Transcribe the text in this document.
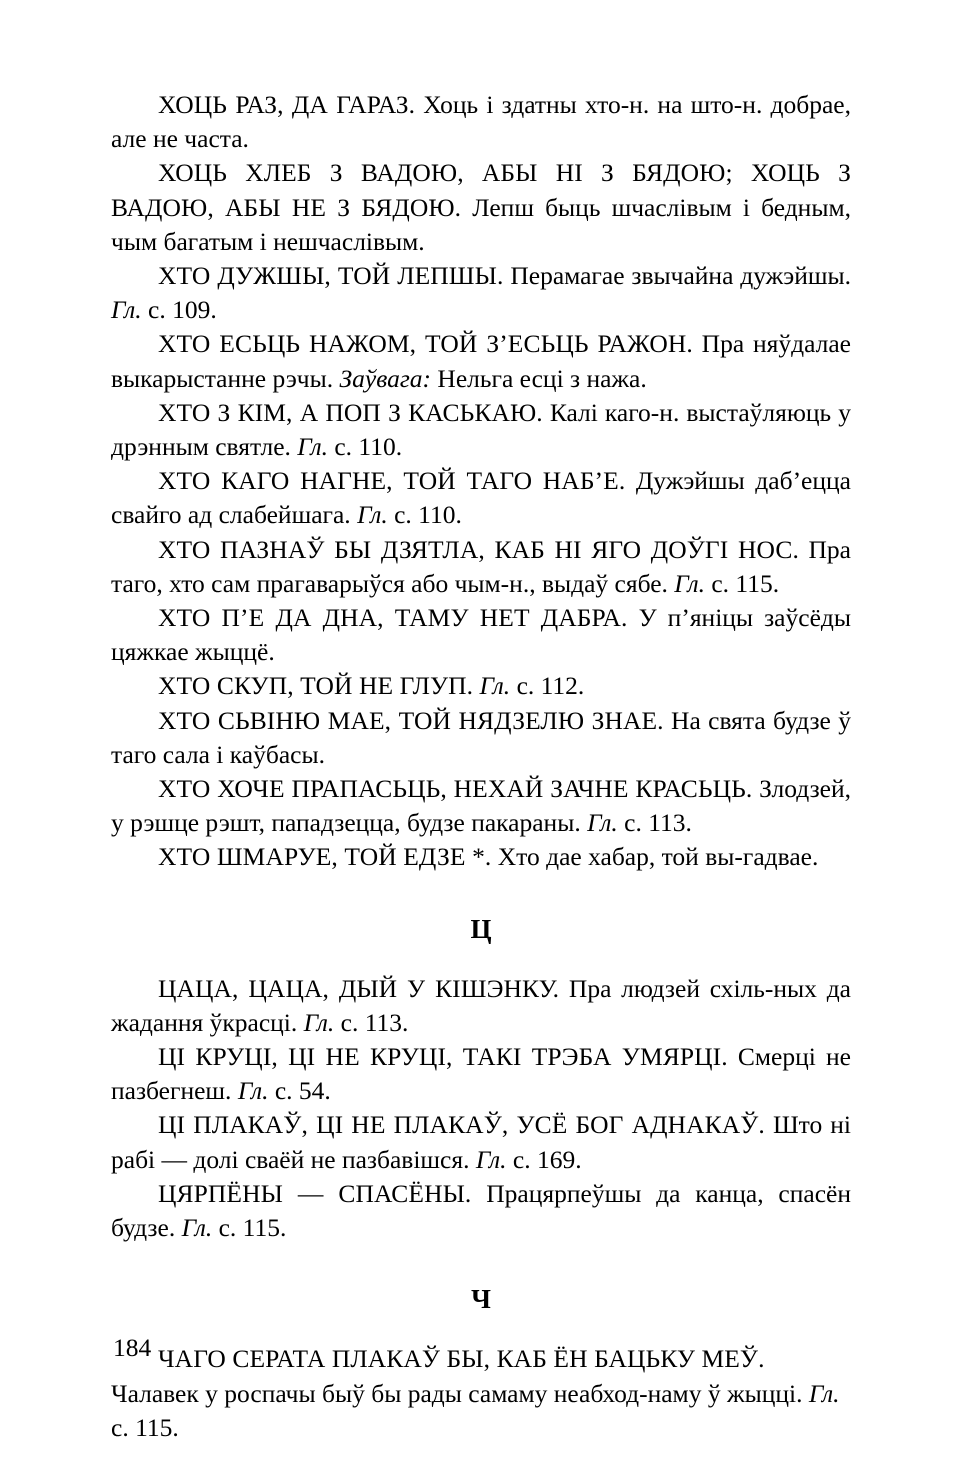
ХОЦЬ РАЗ, ДА ГАРАЗ. Хоць і здатны хто-н. на што-н. добрае, але не часта.

ХОЦЬ ХЛЕБ З ВАДОЮ, АБЫ НІ З БЯДОЮ; ХОЦЬ З ВАДОЮ, АБЫ НЕ З БЯДОЮ. Лепш быць шчаслівым і бедным, чым багатым і нешчаслівым.

ХТО ДУЖШЫ, ТОЙ ЛЕПШЫ. Перамагае звычайна дужэйшы. Гл. с. 109.

ХТО ЕСЬЦЬ НАЖОМ, ТОЙ З’ЕСЬЦЬ РАЖОН. Пра няўдалае выкарыстанне рэчы. Заўвага: Нельга есці з нажа.

ХТО З КІМ, А ПОП З КАСЬКАЮ. Калі каго-н. выстаўляюць у дрэнным святле. Гл. с. 110.

ХТО КАГО НАГНЕ, ТОЙ ТАГО НАБ’Е. Дужэйшы даб’ецца свайго ад слабейшага. Гл. с. 110.

ХТО ПАЗНАЎ БЫ ДЗЯТЛА, КАБ НІ ЯГО ДОЎГІ НОС. Пра таго, хто сам прагаварыўся або чым-н., выдаў сябе. Гл. с. 115.

ХТО П’Е ДА ДНА, ТАМУ НЕТ ДАБРА. У п’яніцы заўсёды цяжкае жыццё.

ХТО СКУП, ТОЙ НЕ ГЛУП. Гл. с. 112.

ХТО СЬВІНЮ МАЕ, ТОЙ НЯДЗЕЛЮ ЗНАЕ. На свята будзе ў таго сала і каўбасы.

ХТО ХОЧЕ ПРАПАСЬЦЬ, НЕХАЙ ЗАЧНЕ КРАСЬЦЬ. Злодзей, у рэшце рэшт, пападзецца, будзе пакараны. Гл. с. 113.

ХТО ШМАРУЕ, ТОЙ ЕДЗЕ *. Хто дае хабар, той вы-гадвае.

Ц

ЦАЦА, ЦАЦА, ДЫЙ У КІШЭНКУ. Пра людзей схіль-ных да жадання ўкрасці. Гл. с. 113.

ЦІ КРУЦІ, ЦІ НЕ КРУЦІ, ТАКІ ТРЭБА УМЯРЦІ. Смерці не пазбегнеш. Гл. с. 54.

ЦІ ПЛАКАЎ, ЦІ НЕ ПЛАКАЎ, УСЁ БОГ АДНАКАЎ. Што ні рабі — долі сваёй не пазбавішся. Гл. с. 169.

ЦЯРПЁНЫ — СПАСЁНЫ. Працярпеўшы да канца, спасён будзе. Гл. с. 115.

Ч

ЧАГО СЕРАТА ПЛАКАЎ БЫ, КАБ ЁН БАЦЬКУ МЕЎ. Чалавек у роспачы быў бы рады самаму неабход-наму ў жыцці. Гл. с. 115.

184
